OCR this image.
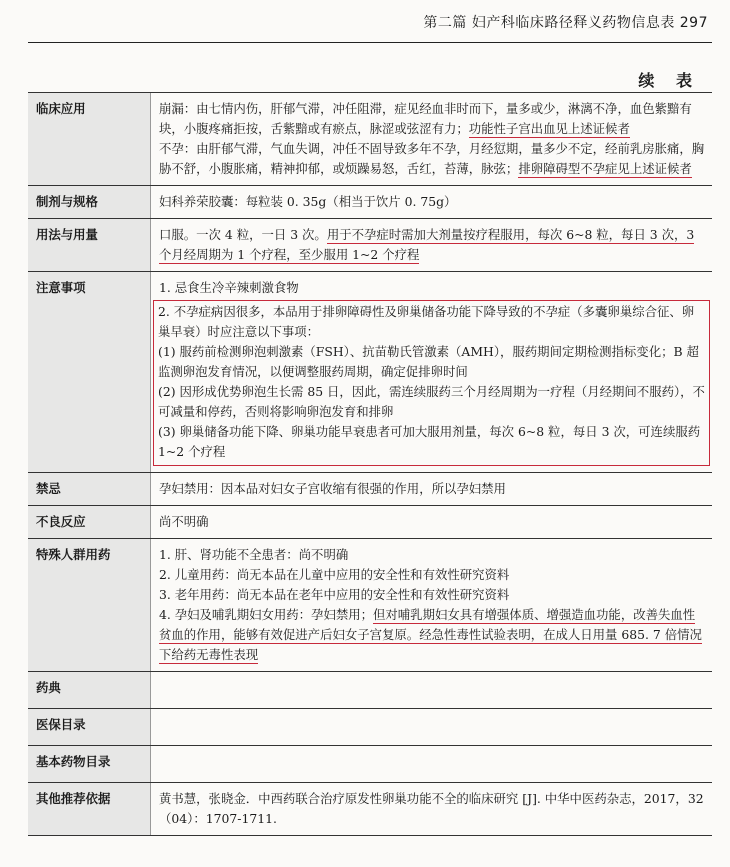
第二篇 妇产科临床路径释义药物信息表 297
续 表
临床应用	崩漏：由七情内伤，肝郁气滞，冲任阻滞，症见经血非时而下，量多或少，淋漓不净，血色紫黯有块，小腹疼痛拒按，舌紫黯或有瘀点，脉涩或弦涩有力；功能性子宫出血见上述证候者

不孕：由肝郁气滞，气血失调，冲任不固导致多年不孕，月经愆期，量多少不定，经前乳房胀痛，胸胁不舒，小腹胀痛，精神抑郁，或烦躁易怒，舌红，苔薄，脉弦；排卵障碍型不孕症见上述证候者

制剂与规格	妇科养荣胶囊：每粒装 0. 35g（相当于饮片 0. 75g）
用法与用量	口服。一次 4 粒，一日 3 次。用于不孕症时需加大剂量按疗程服用，每次 6~8 粒，每日 3 次，3 个月经周期为 1 个疗程，至少服用 1~2 个疗程
注意事项	1. 忌食生冷辛辣刺激食物

2. 不孕症病因很多，本品用于排卵障碍性及卵巢储备功能下降导致的不孕症（多囊卵巢综合征、卵巢早衰）时应注意以下事项：

(1) 服药前检测卵泡刺激素（FSH）、抗苗勒氏管激素（AMH），服药期间定期检测指标变化；B 超监测卵泡发育情况，以便调整服药周期，确定促排卵时间

(2) 因形成优势卵泡生长需 85 日，因此，需连续服药三个月经周期为一疗程（月经期间不服药），不可减量和停药，否则将影响卵泡发育和排卵

(3) 卵巢储备功能下降、卵巢功能早衰患者可加大服用剂量，每次 6~8 粒，每日 3 次，可连续服药 1~2 个疗程

禁忌	孕妇禁用：因本品对妇女子宫收缩有很强的作用，所以孕妇禁用
不良反应	尚不明确
特殊人群用药	1. 肝、肾功能不全患者：尚不明确

2. 儿童用药：尚无本品在儿童中应用的安全性和有效性研究资料

3. 老年用药：尚无本品在老年中应用的安全性和有效性研究资料

4. 孕妇及哺乳期妇女用药：孕妇禁用；但对哺乳期妇女具有增强体质、增强造血功能，改善失血性贫血的作用，能够有效促进产后妇女子宫复原。经急性毒性试验表明，在成人日用量 685. 7 倍情况下给药无毒性表现

药典	
医保目录	
基本药物目录	
其他推荐依据	黄书慧，张晓金．中西药联合治疗原发性卵巢功能不全的临床研究 [J]. 中华中医药杂志，2017，32（04）：1707-1711.
